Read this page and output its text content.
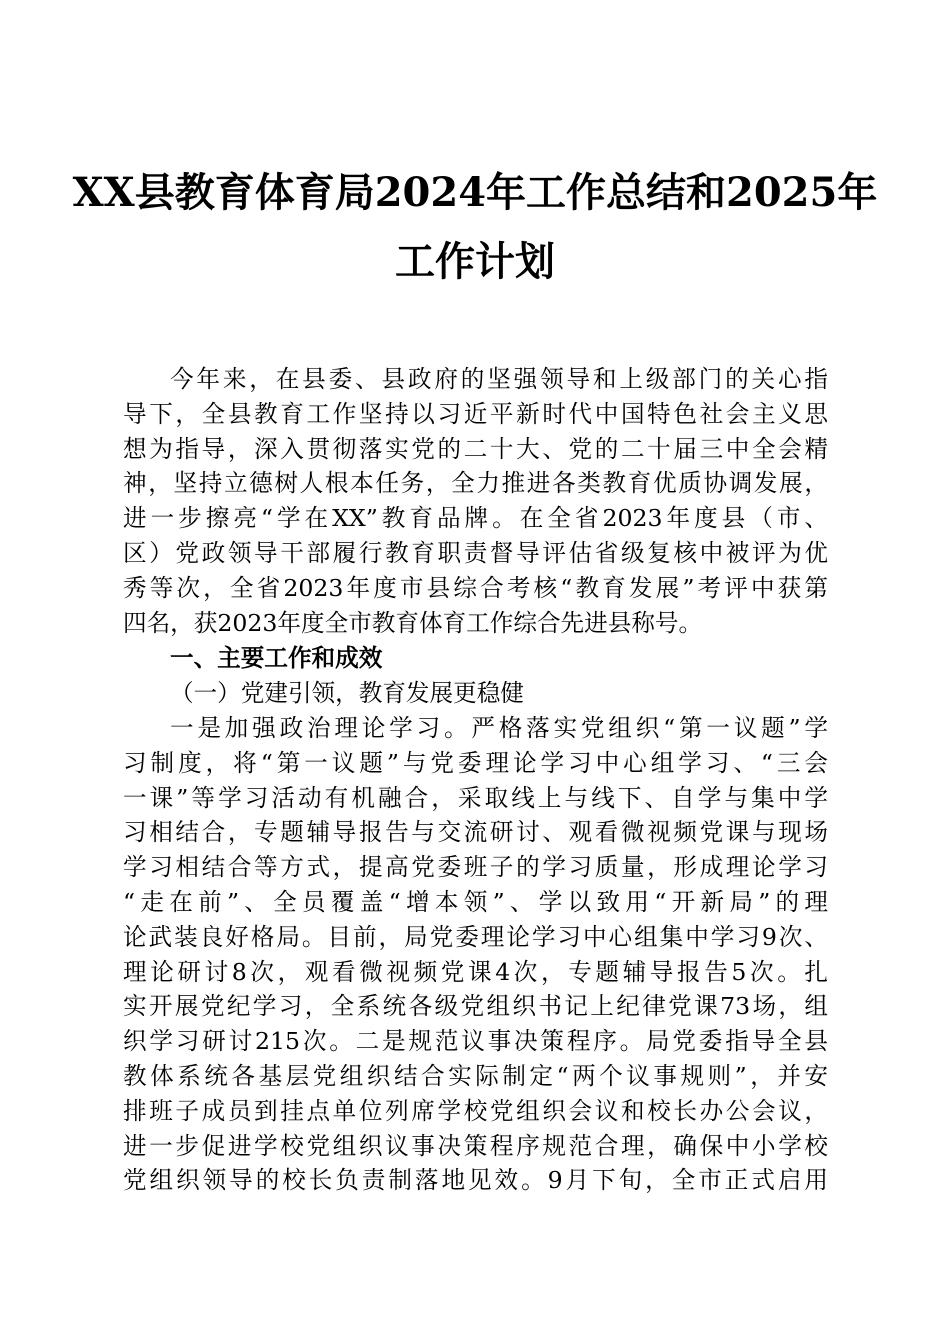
XX县教育体育局2024年工作总结和2025年
工作计划
今年来，在县委、县政府的坚强领导和上级部门的关心指
导下，全县教育工作坚持以习近平新时代中国特色社会主义思
想为指导，深入贯彻落实党的二十大、党的二十届三中全会精
神，坚持立德树人根本任务，全力推进各类教育优质协调发展，
进一步擦亮“学在XX”教育品牌。在全省2023年度县（市、
区）党政领导干部履行教育职责督导评估省级复核中被评为优
秀等次，全省2023年度市县综合考核“教育发展”考评中获第
四名，获2023年度全市教育体育工作综合先进县称号。
一、主要工作和成效
（一）党建引领，教育发展更稳健
一是加强政治理论学习。严格落实党组织“第一议题”学
习制度，将“第一议题”与党委理论学习中心组学习、“三会
一课”等学习活动有机融合，采取线上与线下、自学与集中学
习相结合，专题辅导报告与交流研讨、观看微视频党课与现场
学习相结合等方式，提高党委班子的学习质量，形成理论学习
“走在前”、全员覆盖“增本领”、学以致用“开新局”的理
论武装良好格局。目前，局党委理论学习中心组集中学习9次、
理论研讨8次，观看微视频党课4次，专题辅导报告5次。扎
实开展党纪学习，全系统各级党组织书记上纪律党课73场，组
织学习研讨215次。二是规范议事决策程序。局党委指导全县
教体系统各基层党组织结合实际制定“两个议事规则”，并安
排班子成员到挂点单位列席学校党组织会议和校长办公会议，
进一步促进学校党组织议事决策程序规范合理，确保中小学校
党组织领导的校长负责制落地见效。9月下旬，全市正式启用
